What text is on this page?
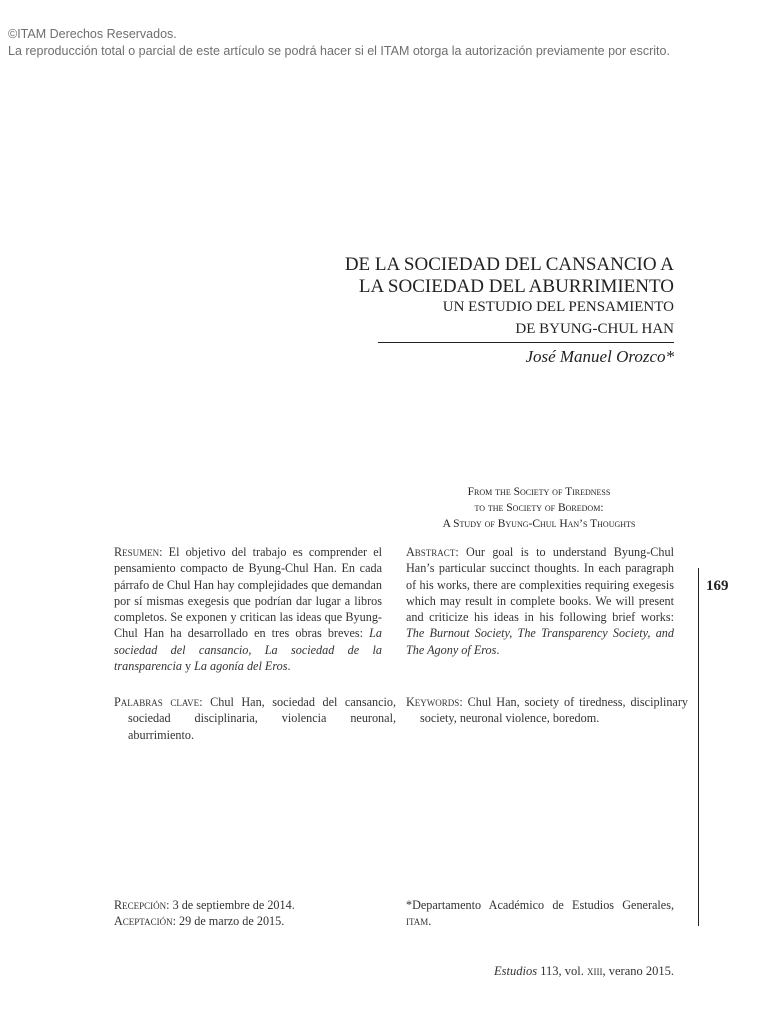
©ITAM Derechos Reservados.
La reproducción total o parcial de este artículo se podrá hacer si el ITAM otorga la autorización previamente por escrito.
DE LA SOCIEDAD DEL CANSANCIO A
LA SOCIEDAD DEL ABURRIMIENTO
UN ESTUDIO DEL PENSAMIENTO
DE BYUNG-CHUL HAN
José Manuel Orozco*
From the Society of Tiredness
to the Society of Boredom:
A Study of Byung-Chul Han’s Thoughts
Resumen: El objetivo del trabajo es comprender el pensamiento compacto de Byung-Chul Han. En cada párrafo de Chul Han hay complejidades que demandan por sí mismas exegesis que podrían dar lugar a libros completos. Se exponen y critican las ideas que Byung-Chul Han ha desarrollado en tres obras breves: La sociedad del cansancio, La sociedad de la transparencia y La agonía del Eros.
Abstract: Our goal is to understand Byung-Chul Han’s particular succinct thoughts. In each paragraph of his works, there are complexities requiring exegesis which may result in complete books. We will present and criticize his ideas in his following brief works: The Burnout Society, The Transparency Society, and The Agony of Eros.
Palabras clave: Chul Han, sociedad del cansancio, sociedad disciplinaria, violencia neuronal, aburrimiento.
Keywords: Chul Han, society of tiredness, disciplinary society, neuronal violence, boredom.
169
Recepción: 3 de septiembre de 2014.
Aceptación: 29 de marzo de 2015.
*Departamento Académico de Estudios Generales, itam.
Estudios 113, vol. xiii, verano 2015.
